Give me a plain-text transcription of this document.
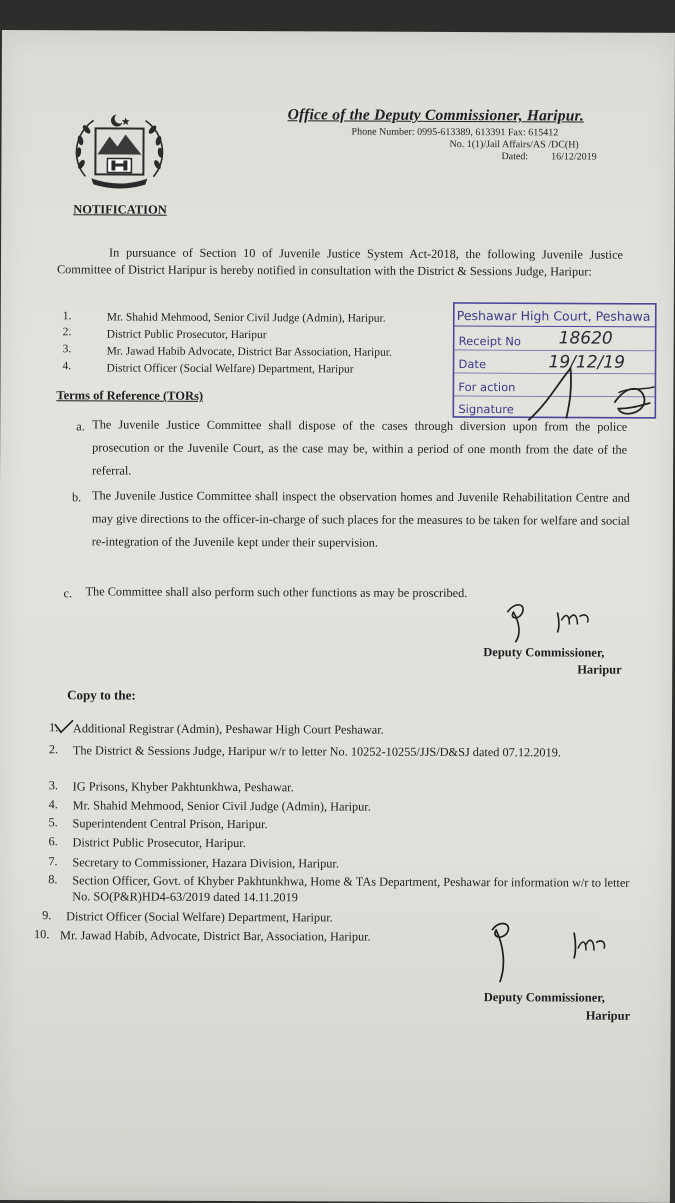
Office of the Deputy Commissioner, Haripur.
Phone Number: 0995-613389, 613391 Fax: 615412
No. 1(1)/Jail Affairs/AS /DC(H)
Dated: 16/12/2019
NOTIFICATION
In pursuance of Section 10 of Juvenile Justice System Act-2018, the following Juvenile Justice Committee of District Haripur is hereby notified in consultation with the District & Sessions Judge, Haripur:
1.	Mr. Shahid Mehmood, Senior Civil Judge (Admin), Haripur.
2.	District Public Prosecutor, Haripur
3.	Mr. Jawad Habib Advocate, District Bar Association, Haripur.
4.	District Officer (Social Welfare) Department, Haripur
Peshawar High Court, Peshawa
Receipt No 18620
Date	19/12/19
For action
Signature
Terms of Reference (TORs)
a. The Juvenile Justice Committee shall dispose of the cases through diversion upon from the police prosecution or the Juvenile Court, as the case may be, within a period of one month from the date of the referral.
b. The Juvenile Justice Committee shall inspect the observation homes and Juvenile Rehabilitation Centre and may give directions to the officer-in-charge of such places for the measures to be taken for welfare and social re-integration of the Juvenile kept under their supervision.
c. The Committee shall also perform such other functions as may be proscribed.
Deputy Commissioner,
Haripur
Copy to the:
1. Additional Registrar (Admin), Peshawar High Court Peshawar.
2. The District & Sessions Judge, Haripur w/r to letter No. 10252-10255/JJS/D&SJ dated 07.12.2019.
3. IG Prisons, Khyber Pakhtunkhwa, Peshawar.
4. Mr. Shahid Mehmood, Senior Civil Judge (Admin), Haripur.
5. Superintendent Central Prison, Haripur.
6. District Public Prosecutor, Haripur.
7. Secretary to Commissioner, Hazara Division, Haripur.
8. Section Officer, Govt. of Khyber Pakhtunkhwa, Home & TAs Department, Peshawar for information w/r to letter No. SO(P&R)HD4-63/2019 dated 14.11.2019
9. District Officer (Social Welfare) Department, Haripur.
10. Mr. Jawad Habib, Advocate, District Bar, Association, Haripur.
Deputy Commissioner,
Haripur
